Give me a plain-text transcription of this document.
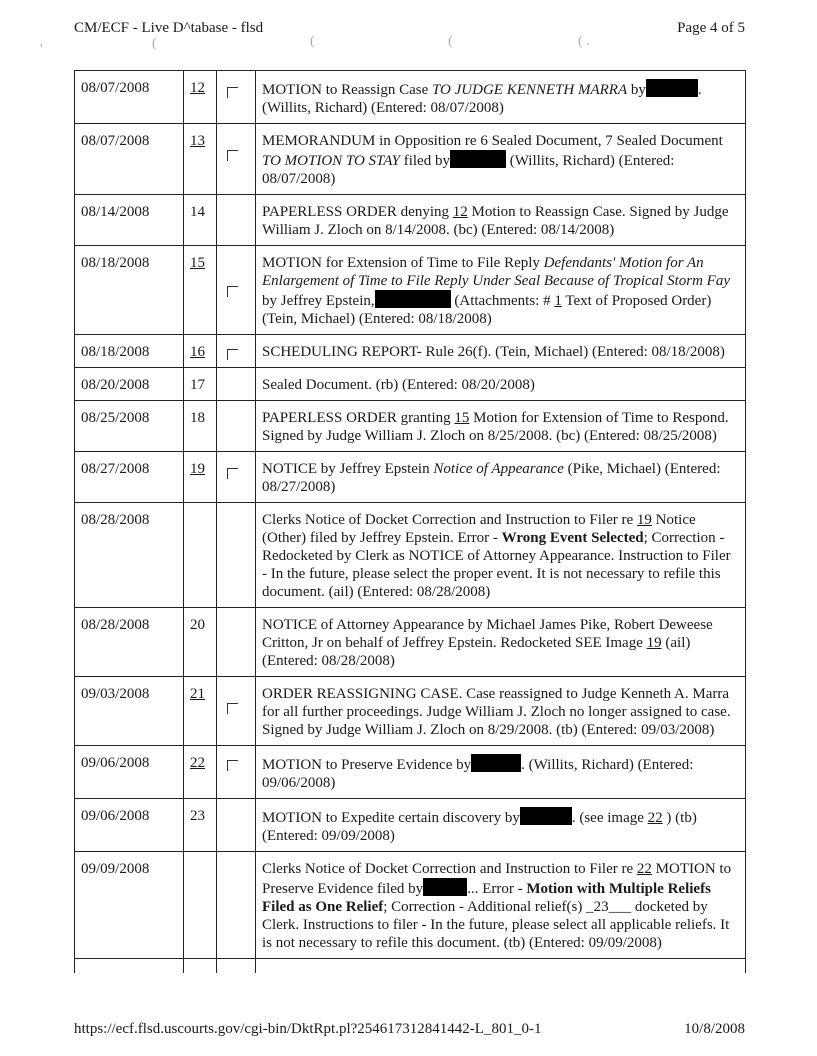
CM/ECF - Live D^tabase - flsd	Page 4 of 5
'	(	(	(	( .
08/07/2008	12		MOTION to Reassign Case TO JUDGE KENNETH MARRA by . (Willits, Richard) (Entered: 08/07/2008)
08/07/2008	13		MEMORANDUM in Opposition re 6 Sealed Document, 7 Sealed Document TO MOTION TO STAY filed by (Willits, Richard) (Entered: 08/07/2008)
08/14/2008	14		PAPERLESS ORDER denying 12 Motion to Reassign Case. Signed by Judge William J. Zloch on 8/14/2008. (bc) (Entered: 08/14/2008)
08/18/2008	15		MOTION for Extension of Time to File Reply Defendants' Motion for An Enlargement of Time to File Reply Under Seal Because of Tropical Storm Fay by Jeffrey Epstein, (Attachments: # 1 Text of Proposed Order)(Tein, Michael) (Entered: 08/18/2008)
08/18/2008	16		SCHEDULING REPORT- Rule 26(f). (Tein, Michael) (Entered: 08/18/2008)
08/20/2008	17		Sealed Document. (rb) (Entered: 08/20/2008)
08/25/2008	18		PAPERLESS ORDER granting 15 Motion for Extension of Time to Respond. Signed by Judge William J. Zloch on 8/25/2008. (bc) (Entered: 08/25/2008)
08/27/2008	19		NOTICE by Jeffrey Epstein Notice of Appearance (Pike, Michael) (Entered: 08/27/2008)
08/28/2008			Clerks Notice of Docket Correction and Instruction to Filer re 19 Notice (Other) filed by Jeffrey Epstein. Error - Wrong Event Selected; Correction - Redocketed by Clerk as NOTICE of Attorney Appearance. Instruction to Filer - In the future, please select the proper event. It is not necessary to refile this document. (ail) (Entered: 08/28/2008)
08/28/2008	20		NOTICE of Attorney Appearance by Michael James Pike, Robert Deweese Critton, Jr on behalf of Jeffrey Epstein. Redocketed SEE Image 19 (ail) (Entered: 08/28/2008)
09/03/2008	21		ORDER REASSIGNING CASE. Case reassigned to Judge Kenneth A. Marra for all further proceedings. Judge William J. Zloch no longer assigned to case. Signed by Judge William J. Zloch on 8/29/2008. (tb) (Entered: 09/03/2008)
09/06/2008	22		MOTION to Preserve Evidence by . (Willits, Richard) (Entered: 09/06/2008)
09/06/2008	23		MOTION to Expedite certain discovery by . (see image 22 ) (tb) (Entered: 09/09/2008)
09/09/2008			Clerks Notice of Docket Correction and Instruction to Filer re 22 MOTION to Preserve Evidence filed by ... Error - Motion with Multiple Reliefs Filed as One Relief; Correction - Additional relief(s) _23___ docketed by Clerk. Instructions to filer - In the future, please select all applicable reliefs. It is not necessary to refile this document. (tb) (Entered: 09/09/2008)

https://ecf.flsd.uscourts.gov/cgi-bin/DktRpt.pl?254617312841442-L_801_0-1	10/8/2008
